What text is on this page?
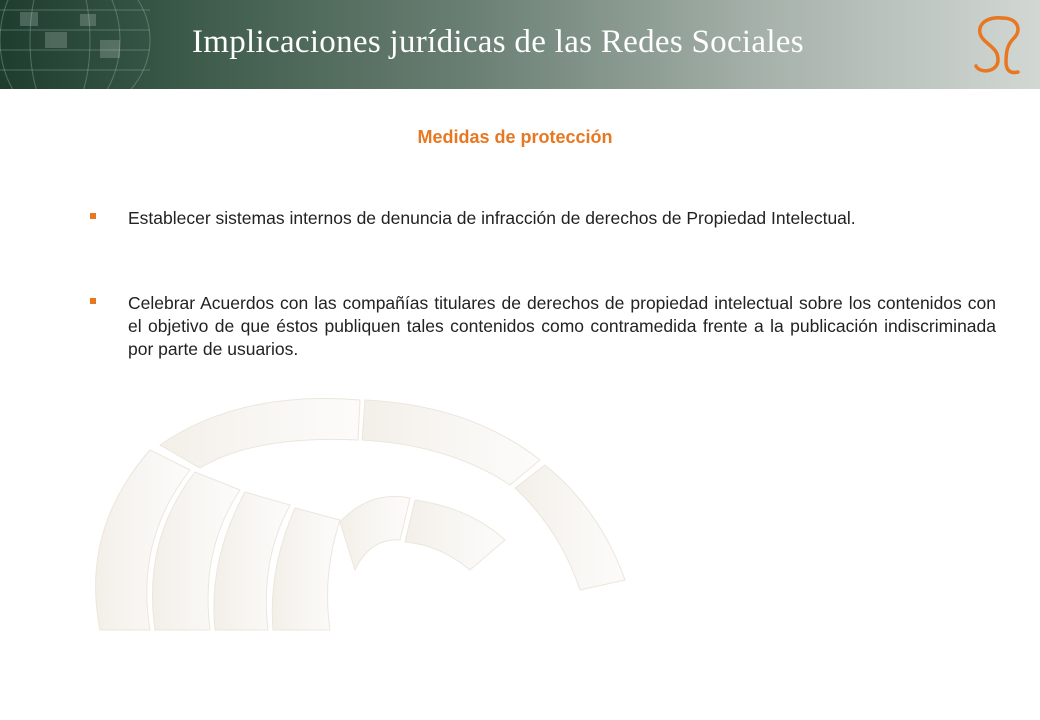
Implicaciones jurídicas de las Redes Sociales
Medidas de protección
Establecer sistemas internos de denuncia de infracción de derechos de Propiedad Intelectual.
Celebrar Acuerdos con las compañías titulares de derechos de propiedad intelectual sobre los contenidos con el objetivo de que éstos publiquen tales contenidos como contramedida frente a la publicación indiscriminada por parte de usuarios.
